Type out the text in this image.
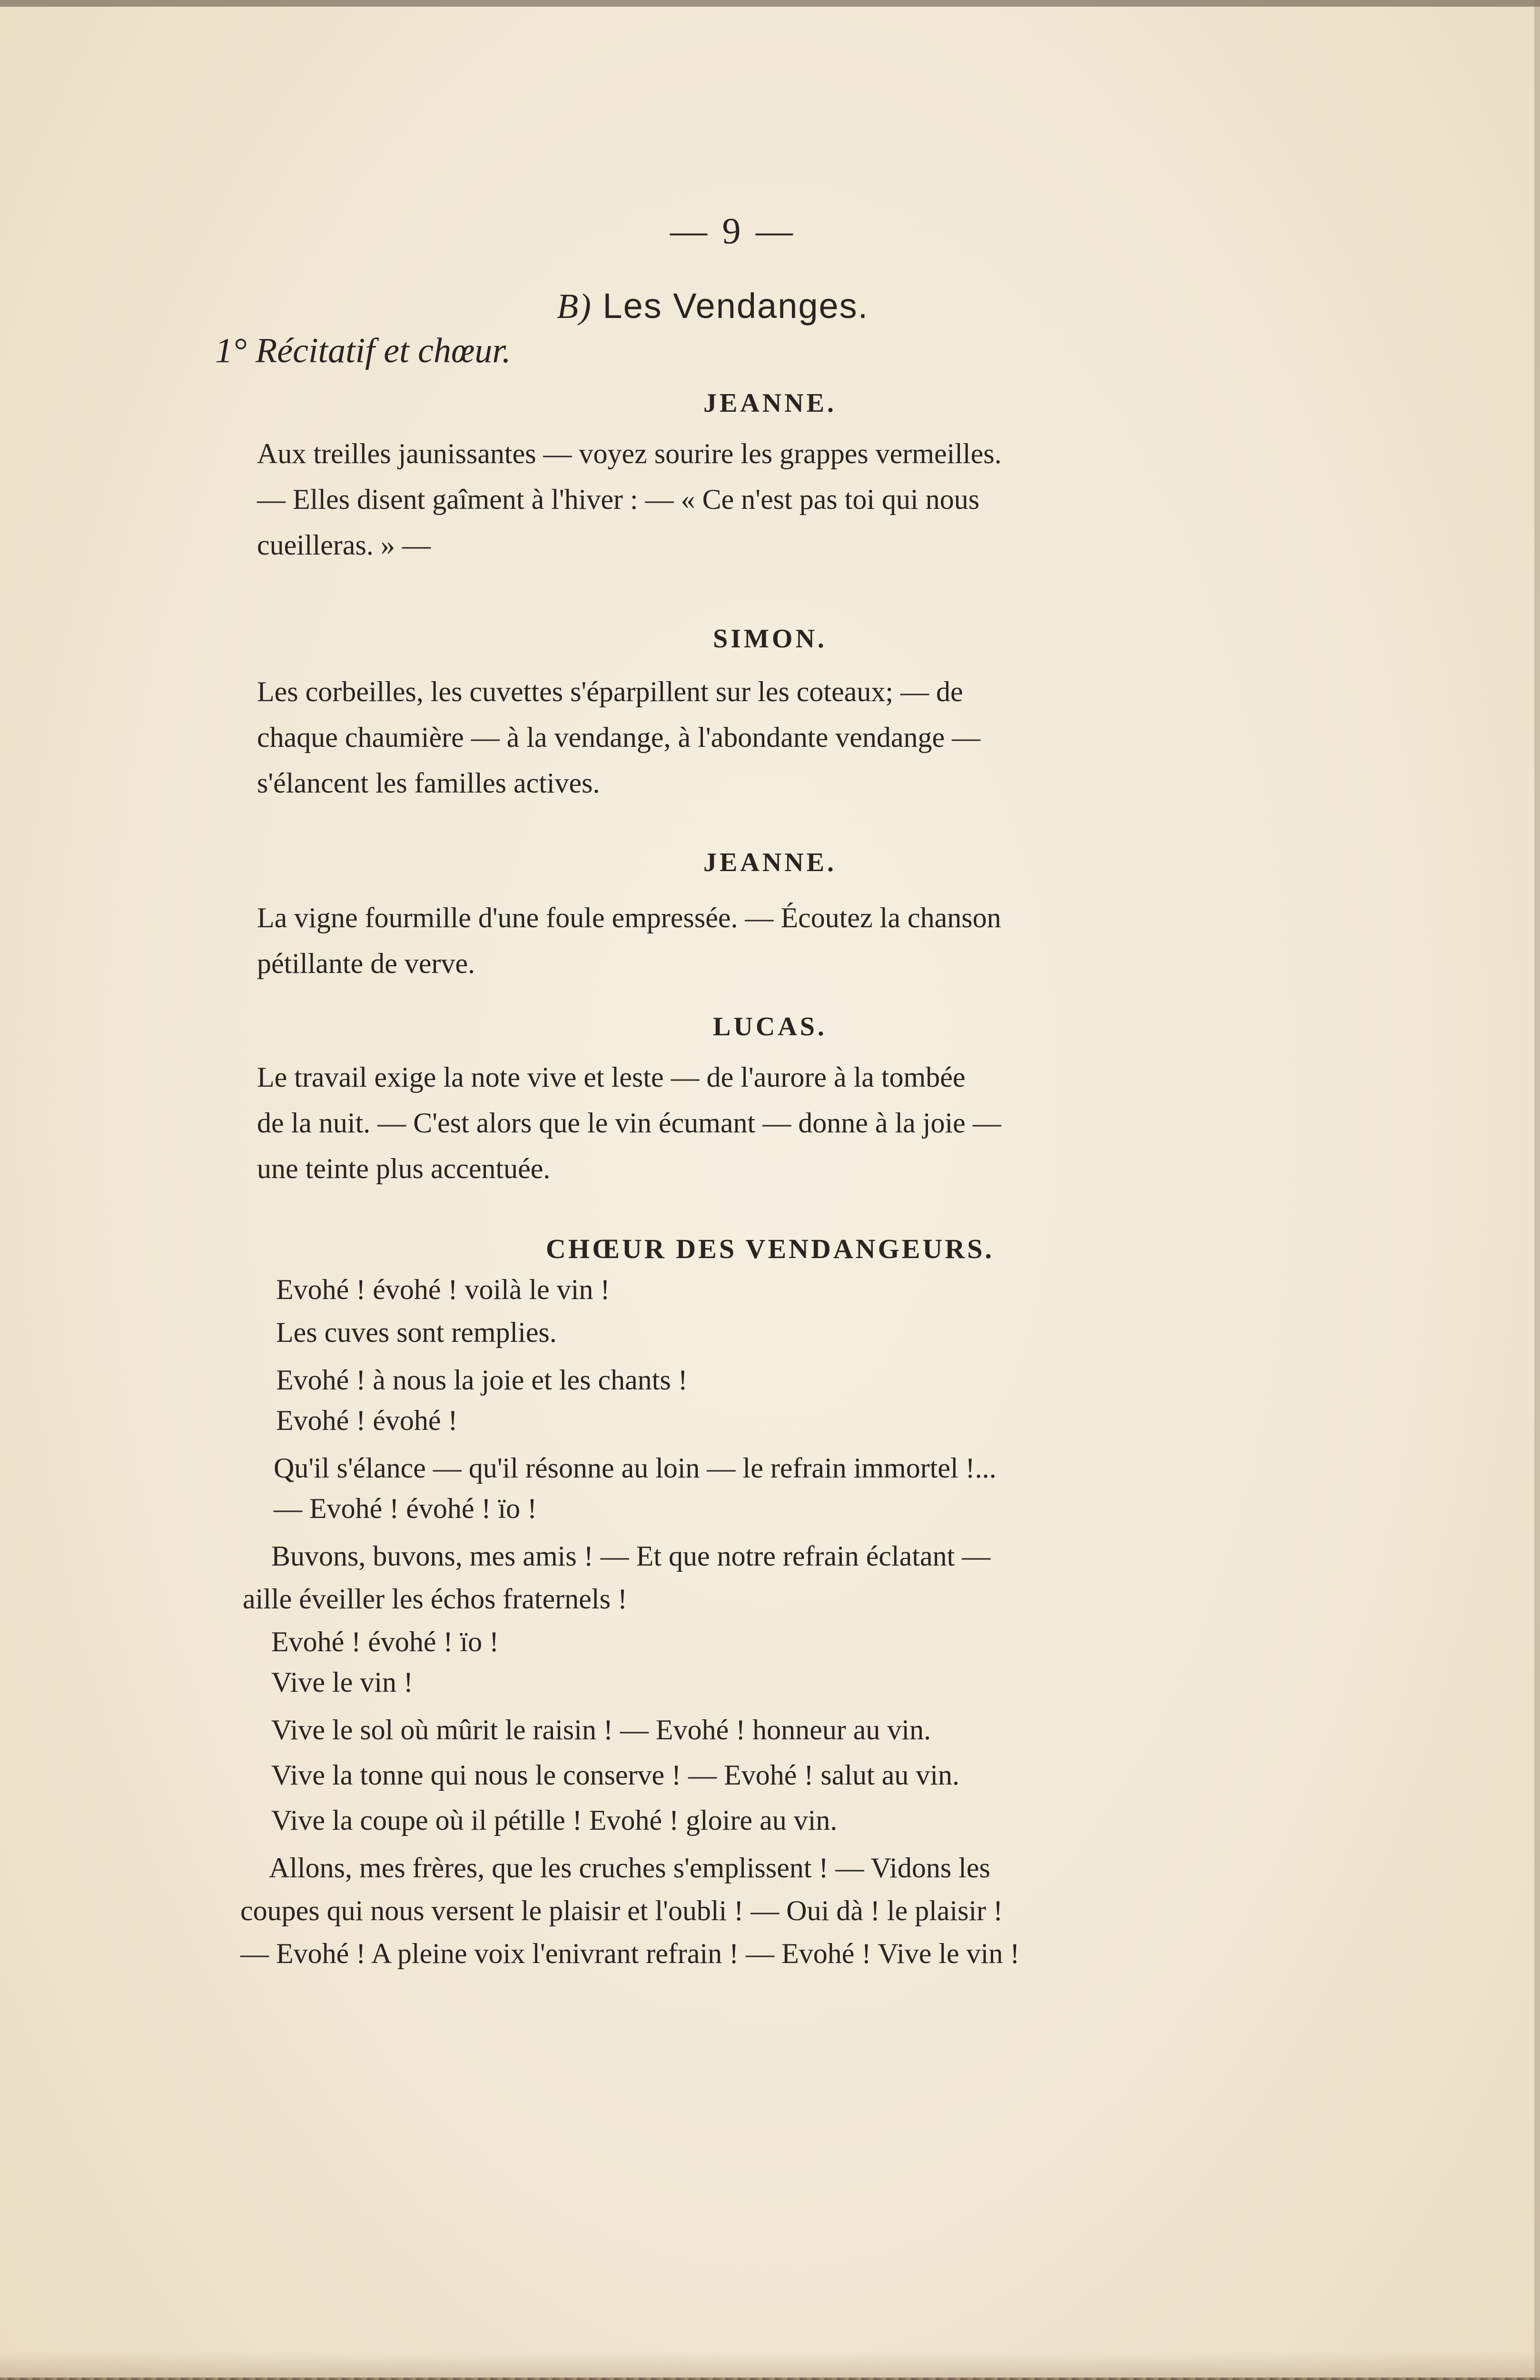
— 9 —
B) Les Vendanges.
1° Récitatif et chœur.
JEANNE.
Aux treilles jaunissantes — voyez sourire les grappes vermeilles.
— Elles disent gaîment à l'hiver : — « Ce n'est pas toi qui nous
cueilleras. » —
SIMON.
Les corbeilles, les cuvettes s'éparpillent sur les coteaux; — de
chaque chaumière — à la vendange, à l'abondante vendange —
s'élancent les familles actives.
JEANNE.
La vigne fourmille d'une foule empressée. — Écoutez la chanson
pétillante de verve.
LUCAS.
Le travail exige la note vive et leste — de l'aurore à la tombée
de la nuit. — C'est alors que le vin écumant — donne à la joie —
une teinte plus accentuée.
CHŒUR DES VENDANGEURS.
Evohé ! évohé ! voilà le vin !
Les cuves sont remplies.
Evohé ! à nous la joie et les chants !
Evohé ! évohé !
Qu'il s'élance — qu'il résonne au loin — le refrain immortel !...
— Evohé ! évohé ! ïo !
Buvons, buvons, mes amis ! — Et que notre refrain éclatant —
aille éveiller les échos fraternels !
Evohé ! évohé ! ïo !
Vive le vin !
Vive le sol où mûrit le raisin ! — Evohé ! honneur au vin.
Vive la tonne qui nous le conserve ! — Evohé ! salut au vin.
Vive la coupe où il pétille ! Evohé ! gloire au vin.
Allons, mes frères, que les cruches s'emplissent ! — Vidons les
coupes qui nous versent le plaisir et l'oubli ! — Oui dà ! le plaisir !
— Evohé ! A pleine voix l'enivrant refrain ! — Evohé ! Vive le vin !
